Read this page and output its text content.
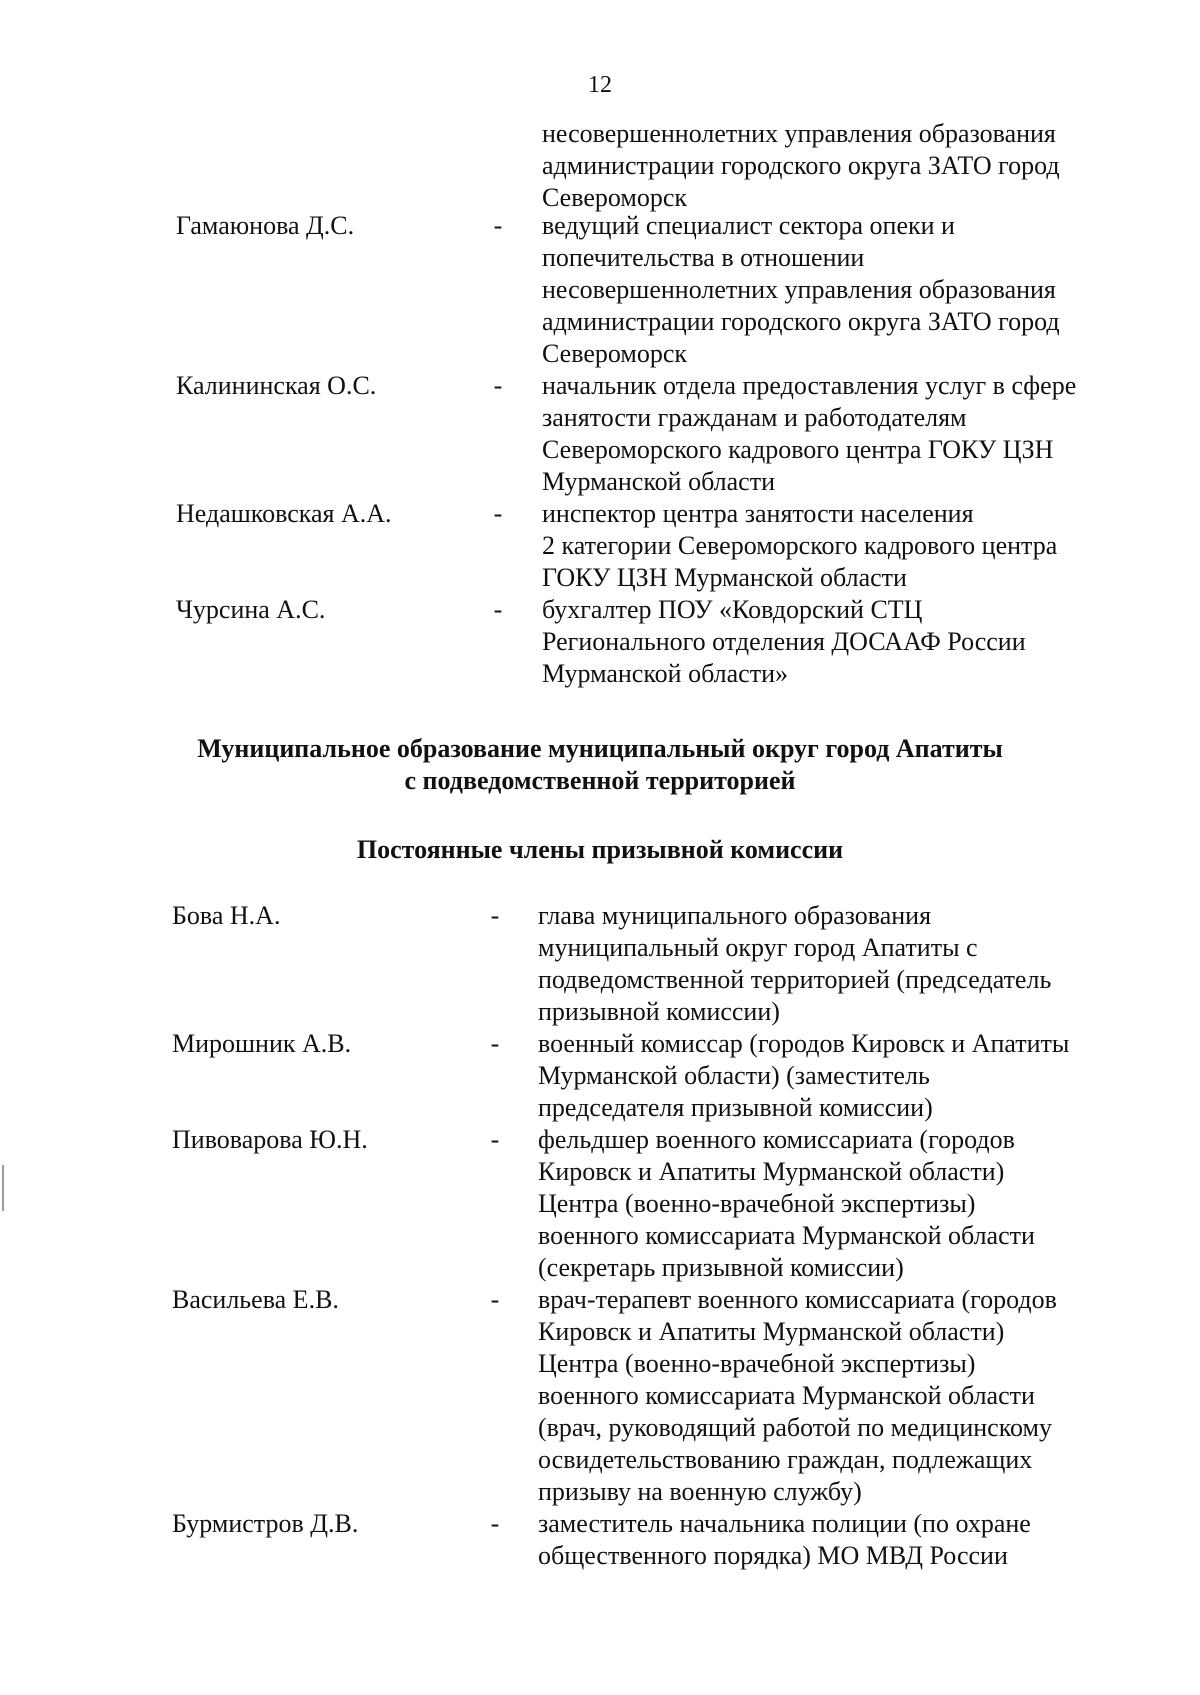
12
несовершеннолетних управления образования
администрации городского округа ЗАТО город
Североморск
Гамаюнова Д.С.	- ведущий специалист сектора опеки и
попечительства в отношении
несовершеннолетних управления образования
администрации городского округа ЗАТО город
Североморск
Калининская О.С.	- начальник отдела предоставления услуг в сфере
занятости гражданам и работодателям
Североморского кадрового центра ГОКУ ЦЗН
Мурманской области
Недашковская А.А.	- инспектор центра занятости населения
2 категории Североморского кадрового центра
ГОКУ ЦЗН Мурманской области
Чурсина А.С.	- бухгалтер ПОУ «Ковдорский СТЦ
Регионального отделения ДОСААФ России
Мурманской области»
Муниципальное образование муниципальный округ город Апатиты
с подведомственной территорией
Постоянные члены призывной комиссии
Бова Н.А.	- глава муниципального образования
муниципальный округ город Апатиты с
подведомственной территорией (председатель
призывной комиссии)
Мирошник А.В.	- военный комиссар (городов Кировск и Апатиты
Мурманской области) (заместитель
председателя призывной комиссии)
Пивоварова Ю.Н.	- фельдшер военного комиссариата (городов
Кировск и Апатиты Мурманской области)
Центра (военно-врачебной экспертизы)
военного комиссариата Мурманской области
(секретарь призывной комиссии)
Васильева Е.В.	- врач-терапевт военного комиссариата (городов
Кировск и Апатиты Мурманской области)
Центра (военно-врачебной экспертизы)
военного комиссариата Мурманской области
(врач, руководящий работой по медицинскому
освидетельствованию граждан, подлежащих
призыву на военную службу)
Бурмистров Д.В.	- заместитель начальника полиции (по охране
общественного порядка) МО МВД России
